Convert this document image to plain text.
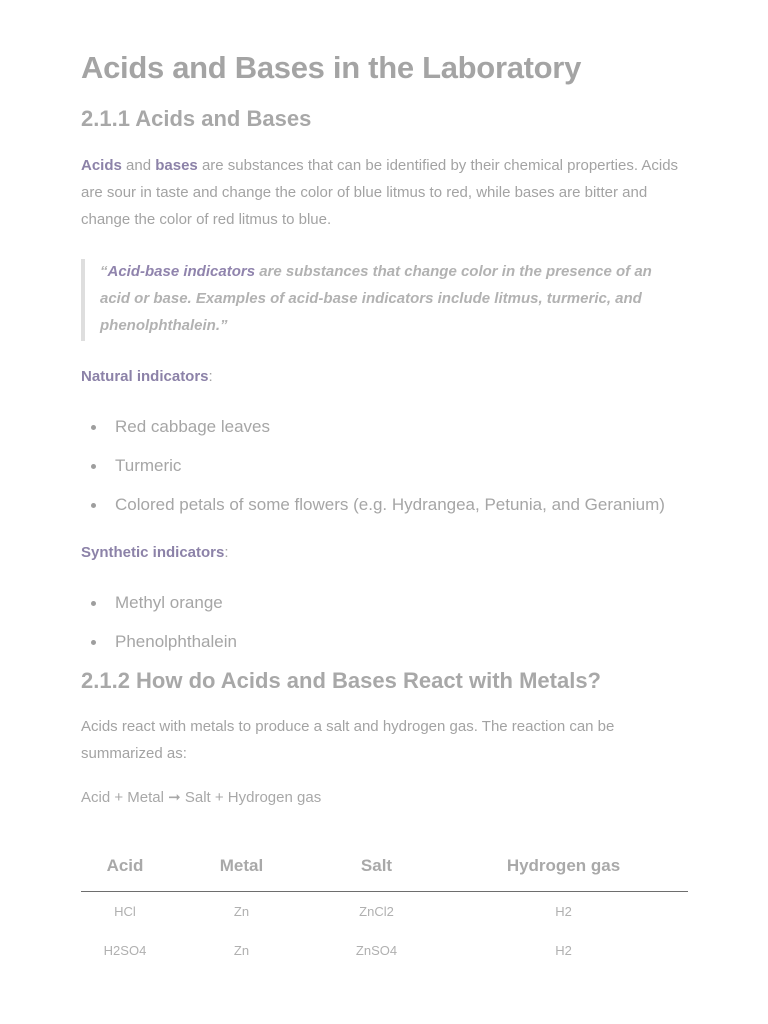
Acids and Bases in the Laboratory
2.1.1 Acids and Bases

Acids and bases are substances that can be identified by their chemical properties. Acids are sour in taste and change the color of blue litmus to red, while bases are bitter and change the color of red litmus to blue.

“Acid-base indicators are substances that change color in the presence of an acid or base. Examples of acid-base indicators include litmus, turmeric, and phenolphthalein.”

Natural indicators:
Red cabbage leaves
Turmeric
Colored petals of some flowers (e.g. Hydrangea, Petunia, and Geranium)
Synthetic indicators:
Methyl orange
Phenolphthalein
2.1.2 How do Acids and Bases React with Metals?

Acids react with metals to produce a salt and hydrogen gas. The reaction can be summarized as:

Acid + Metal ➞ Salt + Hydrogen gas
Acid	Metal	Salt	Hydrogen gas
HCl	Zn	ZnCl2	H2
H2SO4	Zn	ZnSO4	H2
